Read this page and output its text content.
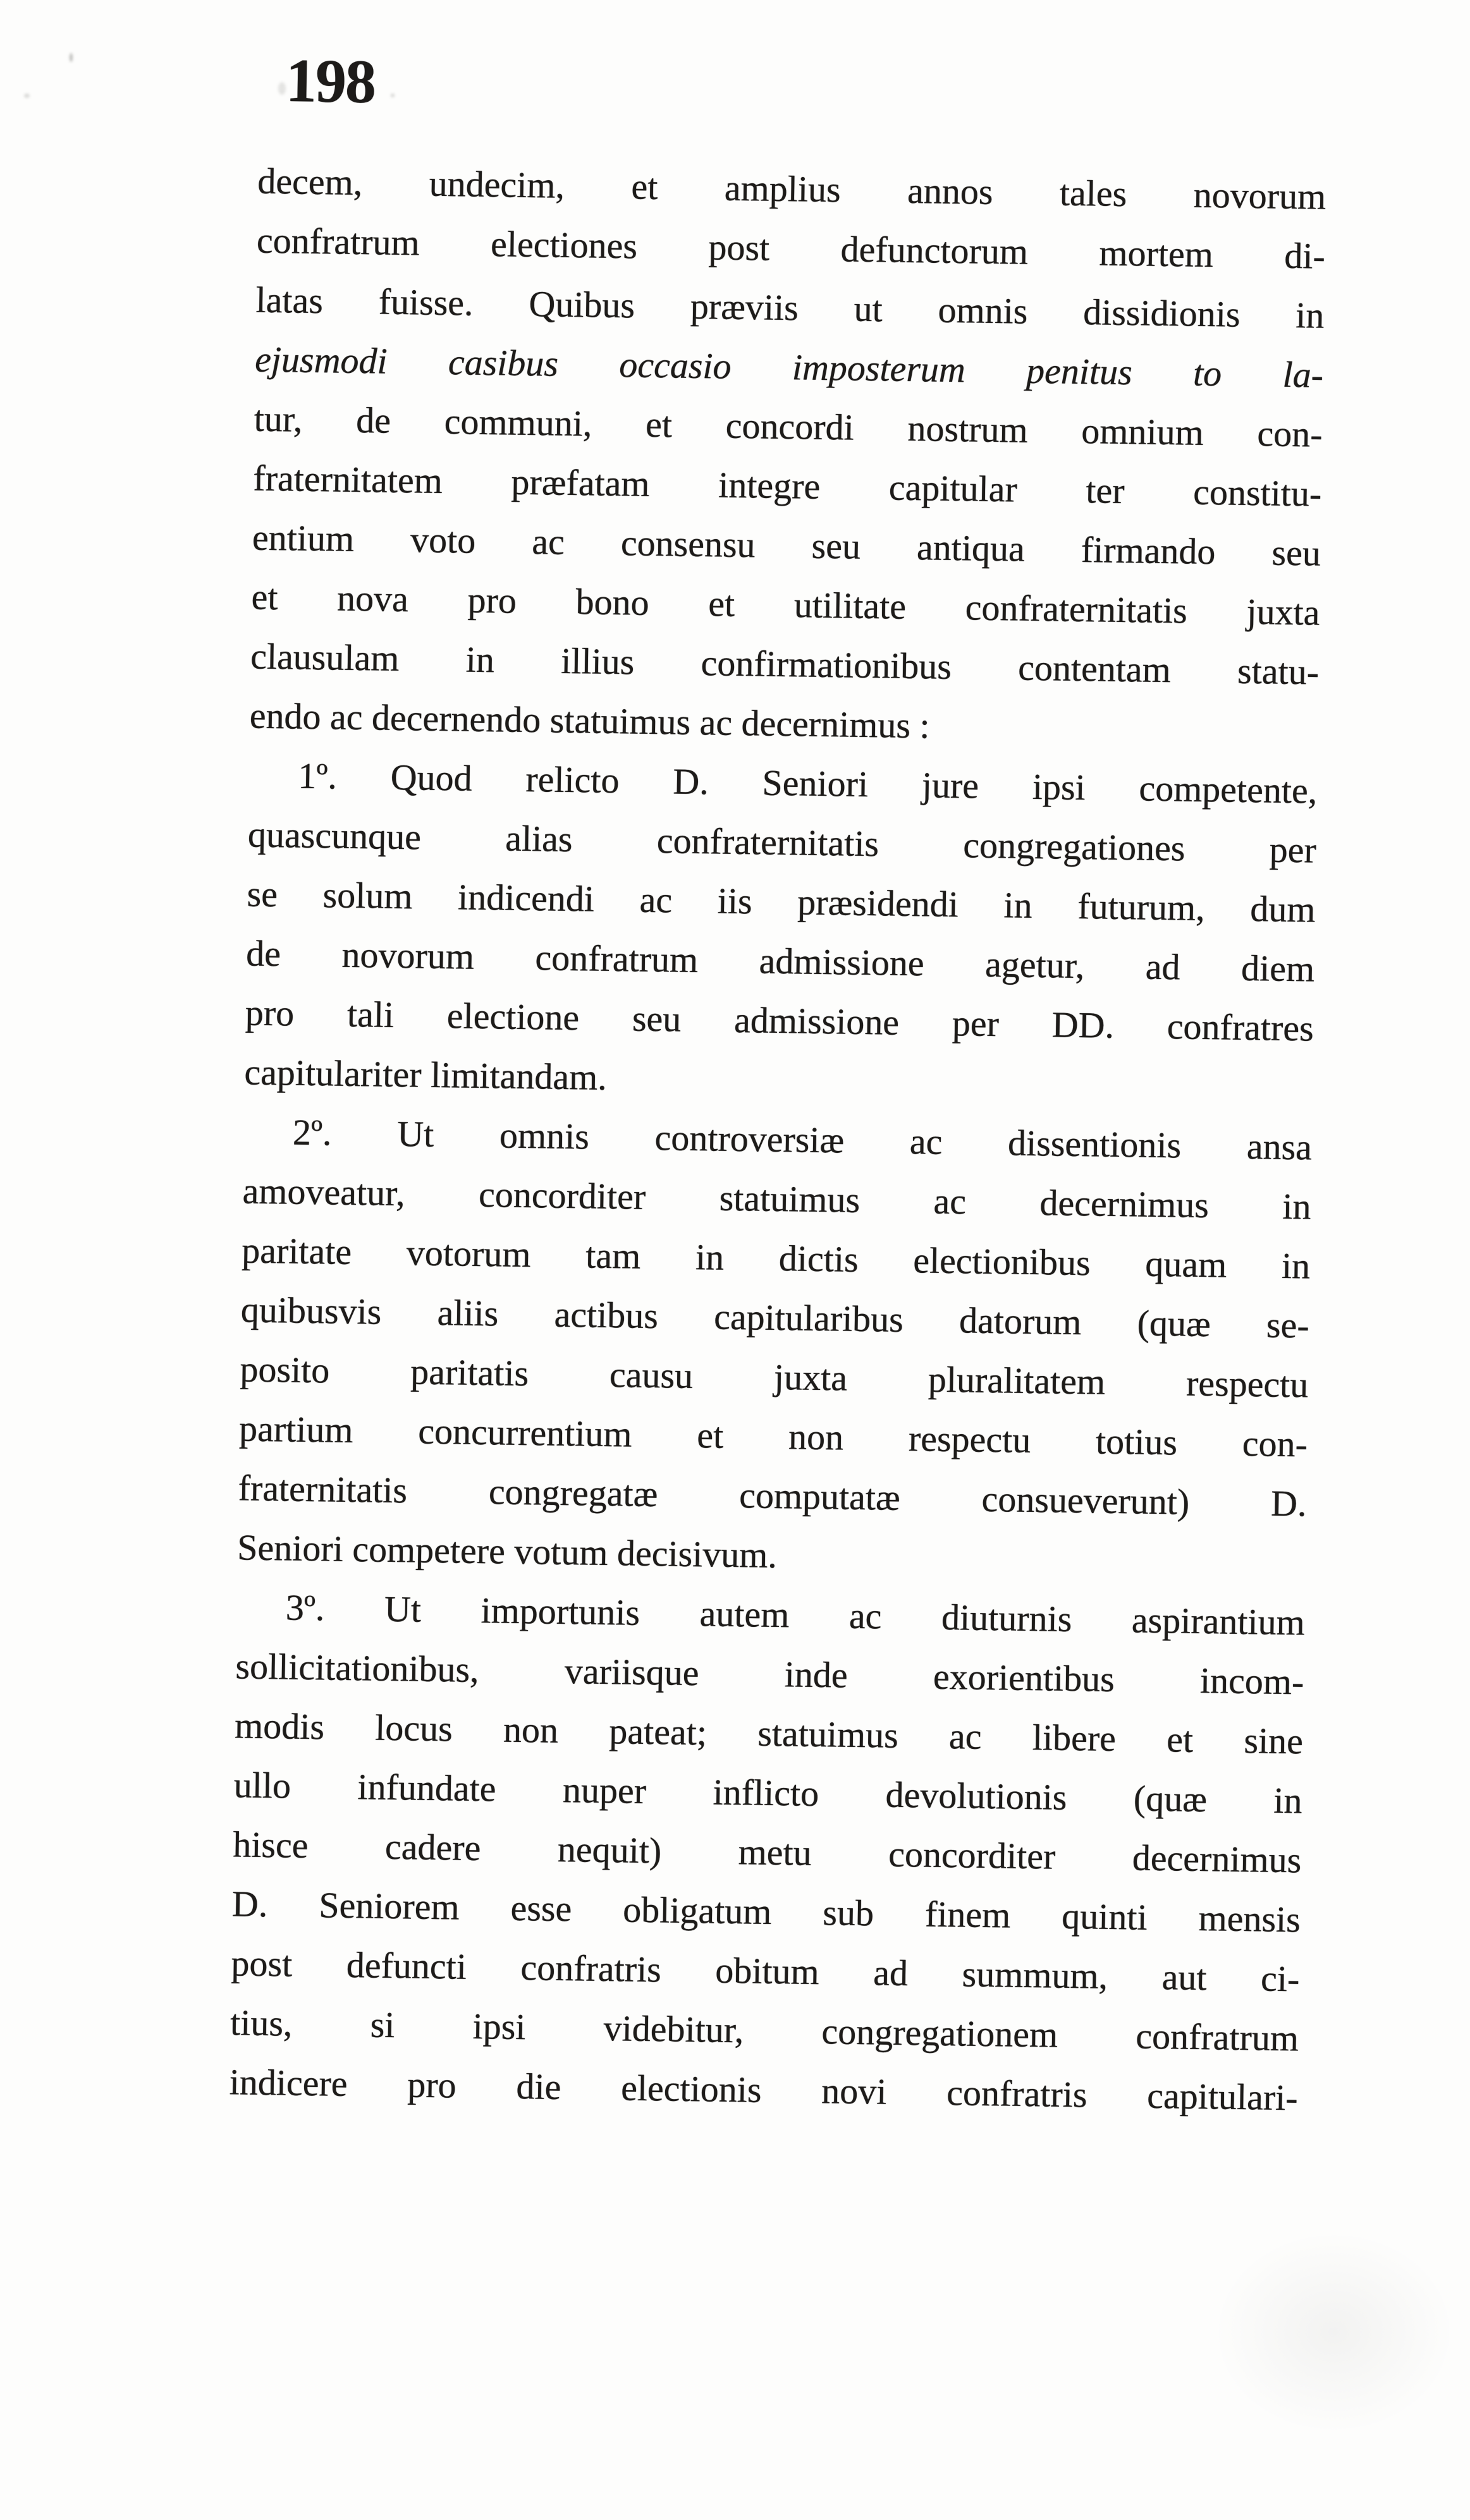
198

decem, undecim, et amplius annos tales novorum
confratrum electiones post defunctorum mortem di-
latas fuisse. Quibus præviis ut omnis dissidionis in
ejusmodi casibus occasio imposterum penitus to la-
tur, de communi, et concordi nostrum omnium con-
fraternitatem præfatam integre capitular ter constitu-
entium voto ac consensu seu antiqua firmando seu
et nova pro bono et utilitate confraternitatis juxta
clausulam in illius confirmationibus contentam statu-
endo ac decernendo statuimus ac decernimus :

1º. Quod relicto D. Seniori jure ipsi competente,
quascunque alias confraternitatis congregationes per
se solum indicendi ac iis præsidendi in futurum, dum
de novorum confratrum admissione agetur, ad diem
pro tali electione seu admissione per DD. confratres
capitulariter limitandam.

2º. Ut omnis controversiæ ac dissentionis ansa
amoveatur, concorditer statuimus ac decernimus in
paritate votorum tam in dictis electionibus quam in
quibusvis aliis actibus capitularibus datorum (quæ se-
posito paritatis causu juxta pluralitatem respectu
partium concurrentium et non respectu totius con-
fraternitatis congregatæ computatæ consueverunt) D.
Seniori competere votum decisivum.

3º. Ut importunis autem ac diuturnis aspirantium
sollicitationibus, variisque inde exorientibus incom-
modis locus non pateat; statuimus ac libere et sine
ullo infundate nuper inflicto devolutionis (quæ in
hisce cadere nequit) metu concorditer decernimus
D. Seniorem esse obligatum sub finem quinti mensis
post defuncti confratris obitum ad summum, aut ci-
tius, si ipsi videbitur, congregationem confratrum
indicere pro die electionis novi confratris capitulari-
